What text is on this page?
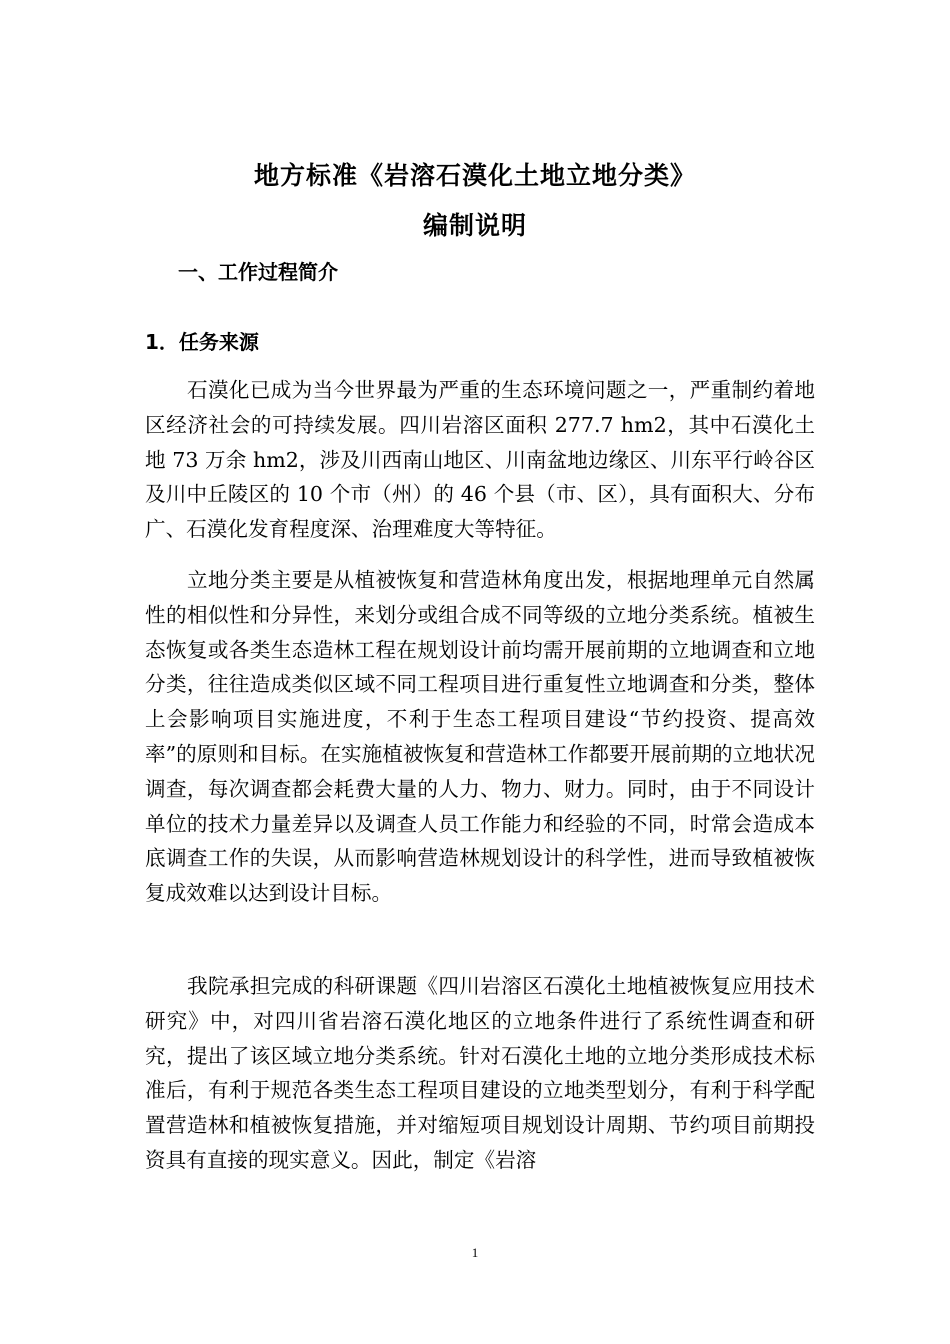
地方标准《岩溶石漠化土地立地分类》
编制说明
一、工作过程简介
1．任务来源

石漠化已成为当今世界最为严重的生态环境问题之一，严重制约着地区经济社会的可持续发展。四川岩溶区面积 277.7 hm2，其中石漠化土地 73 万余 hm2，涉及川西南山地区、川南盆地边缘区、川东平行岭谷区及川中丘陵区的 10 个市（州）的 46 个县（市、区），具有面积大、分布广、石漠化发育程度深、治理难度大等特征。

立地分类主要是从植被恢复和营造林角度出发，根据地理单元自然属性的相似性和分异性，来划分或组合成不同等级的立地分类系统。植被生态恢复或各类生态造林工程在规划设计前均需开展前期的立地调查和立地分类，往往造成类似区域不同工程项目进行重复性立地调查和分类，整体上会影响项目实施进度，不利于生态工程项目建设“节约投资、提高效率”的原则和目标。在实施植被恢复和营造林工作都要开展前期的立地状况调查，每次调查都会耗费大量的人力、物力、财力。同时，由于不同设计单位的技术力量差异以及调查人员工作能力和经验的不同，时常会造成本底调查工作的失误，从而影响营造林规划设计的科学性，进而导致植被恢复成效难以达到设计目标。

我院承担完成的科研课题《四川岩溶区石漠化土地植被恢复应用技术研究》中，对四川省岩溶石漠化地区的立地条件进行了系统性调查和研究，提出了该区域立地分类系统。针对石漠化土地的立地分类形成技术标准后，有利于规范各类生态工程项目建设的立地类型划分，有利于科学配置营造林和植被恢复措施，并对缩短项目规划设计周期、节约项目前期投资具有直接的现实意义。因此，制定《岩溶

1
